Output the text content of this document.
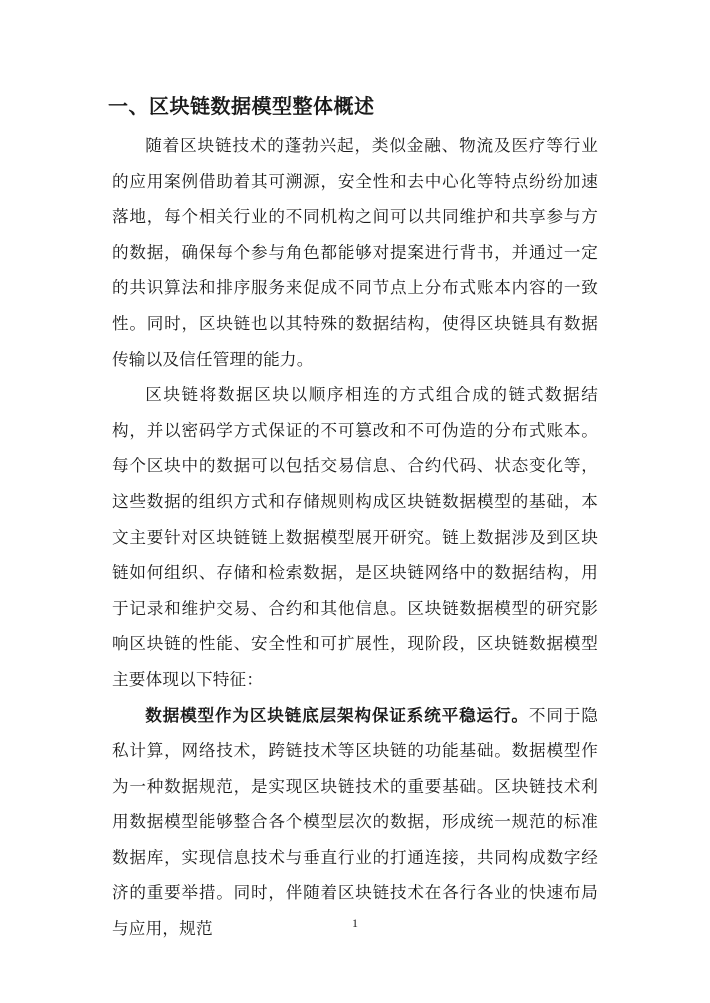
一、区块链数据模型整体概述

随着区块链技术的蓬勃兴起，类似金融、物流及医疗等行业的应用案例借助着其可溯源，安全性和去中心化等特点纷纷加速落地，每个相关行业的不同机构之间可以共同维护和共享参与方的数据，确保每个参与角色都能够对提案进行背书，并通过一定的共识算法和排序服务来促成不同节点上分布式账本内容的一致性。同时，区块链也以其特殊的数据结构，使得区块链具有数据传输以及信任管理的能力。

区块链将数据区块以顺序相连的方式组合成的链式数据结构，并以密码学方式保证的不可篡改和不可伪造的分布式账本。每个区块中的数据可以包括交易信息、合约代码、状态变化等，这些数据的组织方式和存储规则构成区块链数据模型的基础，本文主要针对区块链链上数据模型展开研究。链上数据涉及到区块链如何组织、存储和检索数据，是区块链网络中的数据结构，用于记录和维护交易、合约和其他信息。区块链数据模型的研究影响区块链的性能、安全性和可扩展性，现阶段，区块链数据模型主要体现以下特征：

数据模型作为区块链底层架构保证系统平稳运行。不同于隐私计算，网络技术，跨链技术等区块链的功能基础。数据模型作为一种数据规范，是实现区块链技术的重要基础。区块链技术利用数据模型能够整合各个模型层次的数据，形成统一规范的标准数据库，实现信息技术与垂直行业的打通连接，共同构成数字经济的重要举措。同时，伴随着区块链技术在各行各业的快速布局与应用，规范	1
